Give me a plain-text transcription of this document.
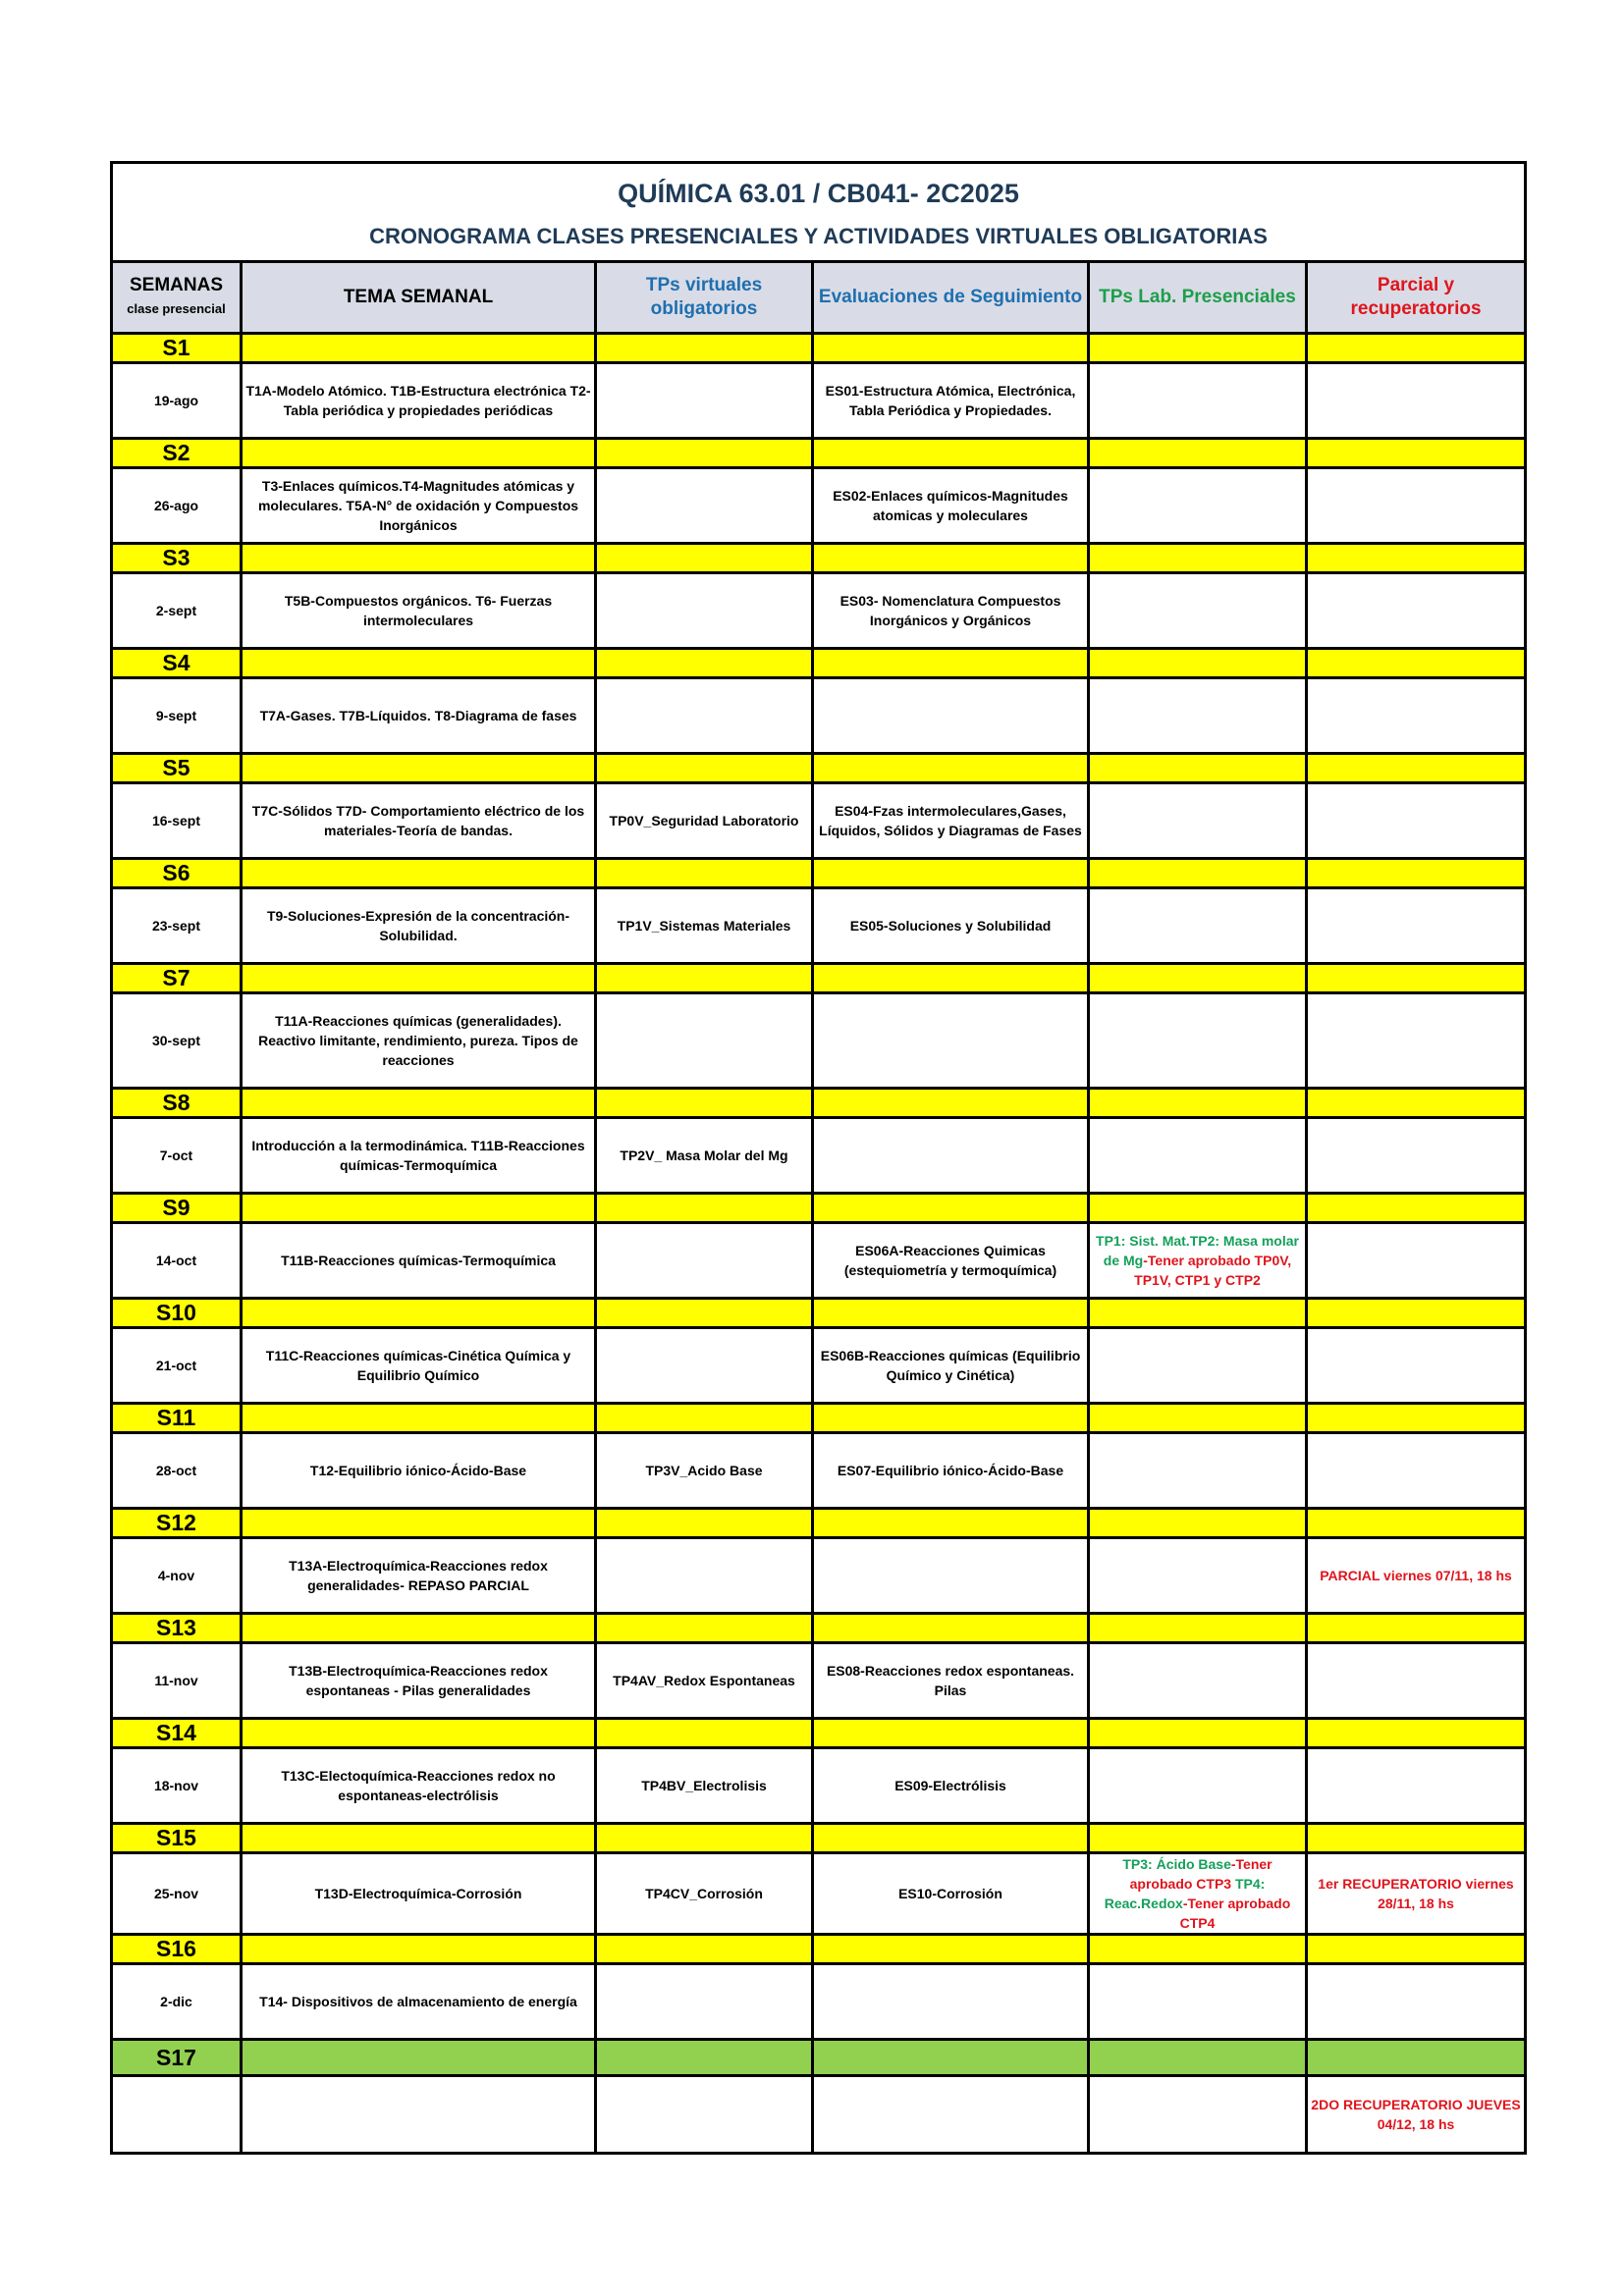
QUÍMICA 63.01 / CB041- 2C2025					
CRONOGRAMA CLASES PRESENCIALES Y ACTIVIDADES VIRTUALES OBLIGATORIAS					

SEMANAS
clase presencial	TEMA SEMANAL	TPs virtuales obligatorios	Evaluaciones de Seguimiento	TPs Lab. Presenciales	Parcial y recuperatorios
S1					
19-ago	T1A-Modelo Atómico. T1B-Estructura electrónica T2-Tabla periódica y propiedades periódicas		ES01-Estructura Atómica, Electrónica, Tabla Periódica y Propiedades.		
S2					
26-ago	T3-Enlaces químicos.T4-Magnitudes atómicas y moleculares. T5A-N° de oxidación y Compuestos Inorgánicos		ES02-Enlaces químicos-Magnitudes atomicas y moleculares		
S3					
2-sept	T5B-Compuestos orgánicos. T6- Fuerzas intermoleculares		ES03- Nomenclatura Compuestos Inorgánicos y Orgánicos		
S4					
9-sept	T7A-Gases. T7B-Líquidos. T8-Diagrama de fases				
S5					
16-sept	T7C-Sólidos T7D- Comportamiento eléctrico de los materiales-Teoría de bandas.	TP0V_Seguridad Laboratorio	ES04-Fzas intermoleculares,Gases, Líquidos, Sólidos y Diagramas de Fases		
S6					
23-sept	T9-Soluciones-Expresión de la concentración-Solubilidad.	TP1V_Sistemas Materiales	ES05-Soluciones y Solubilidad		
S7					
30-sept	T11A-Reacciones químicas (generalidades). Reactivo limitante, rendimiento, pureza. Tipos de reacciones				
S8					
7-oct	Introducción a la termodinámica. T11B-Reacciones químicas-Termoquímica	TP2V_ Masa Molar del Mg			
S9					
14-oct	T11B-Reacciones químicas-Termoquímica		ES06A-Reacciones Quimicas (estequiometría y termoquímica)	TP1: Sist. Mat.TP2: Masa molar de Mg-Tener aprobado TP0V, TP1V, CTP1 y CTP2	
S10					
21-oct	T11C-Reacciones químicas-Cinética Química y Equilibrio Químico		ES06B-Reacciones químicas (Equilibrio Químico y Cinética)		
S11					
28-oct	T12-Equilibrio iónico-Ácido-Base	TP3V_Acido Base	ES07-Equilibrio iónico-Ácido-Base		
S12					
4-nov	T13A-Electroquímica-Reacciones redox generalidades- REPASO PARCIAL				PARCIAL viernes 07/11, 18 hs
S13					
11-nov	T13B-Electroquímica-Reacciones redox espontaneas - Pilas generalidades	TP4AV_Redox Espontaneas	ES08-Reacciones redox espontaneas. Pilas		
S14					
18-nov	T13C-Electoquímica-Reacciones redox no espontaneas-electrólisis	TP4BV_Electrolisis	ES09-Electrólisis		
S15					
25-nov	T13D-Electroquímica-Corrosión	TP4CV_Corrosión	ES10-Corrosión	TP3: Ácido Base-Tener aprobado CTP3 TP4: Reac.Redox-Tener aprobado CTP4	1er RECUPERATORIO viernes 28/11, 18 hs
S16					
2-dic	T14- Dispositivos de almacenamiento de energía				
S17					
					2DO RECUPERATORIO JUEVES 04/12, 18 hs
